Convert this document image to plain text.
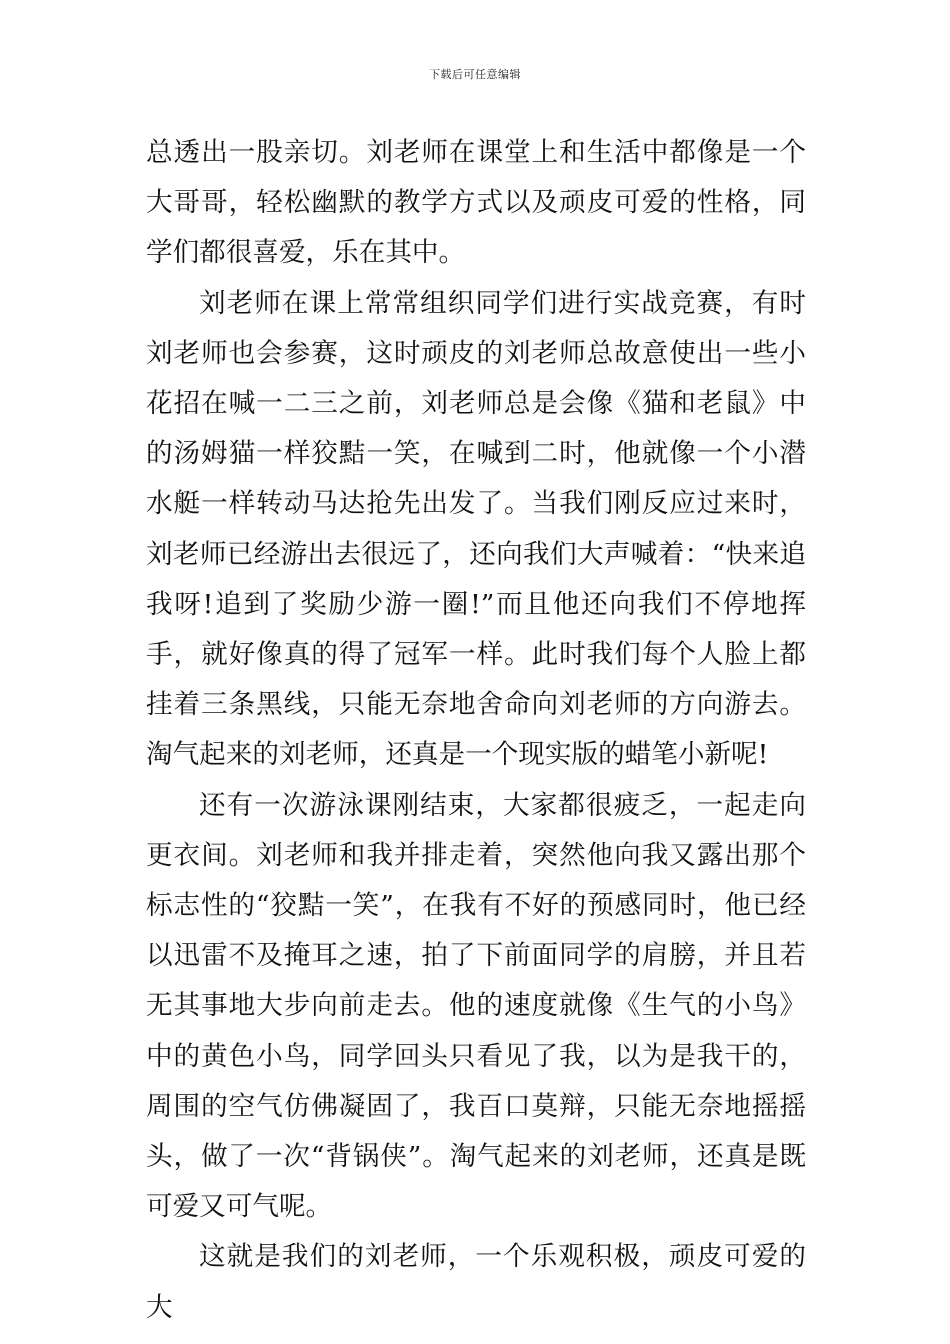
下载后可任意编辑

总透出一股亲切。刘老师在课堂上和生活中都像是一个大哥哥，轻松幽默的教学方式以及顽皮可爱的性格，同学们都很喜爱，乐在其中。

刘老师在课上常常组织同学们进行实战竞赛，有时刘老师也会参赛，这时顽皮的刘老师总故意使出一些小花招在喊一二三之前，刘老师总是会像《猫和老鼠》中的汤姆猫一样狡黠一笑，在喊到二时，他就像一个小潜水艇一样转动马达抢先出发了。当我们刚反应过来时，刘老师已经游出去很远了，还向我们大声喊着：“快来追我呀!追到了奖励少游一圈!”而且他还向我们不停地挥手，就好像真的得了冠军一样。此时我们每个人脸上都挂着三条黑线，只能无奈地舍命向刘老师的方向游去。淘气起来的刘老师，还真是一个现实版的蜡笔小新呢!

还有一次游泳课刚结束，大家都很疲乏，一起走向更衣间。刘老师和我并排走着，突然他向我又露出那个标志性的“狡黠一笑”，在我有不好的预感同时，他已经以迅雷不及掩耳之速，拍了下前面同学的肩膀，并且若无其事地大步向前走去。他的速度就像《生气的小鸟》中的黄色小鸟，同学回头只看见了我，以为是我干的，周围的空气仿佛凝固了，我百口莫辩，只能无奈地摇摇头，做了一次“背锅侠”。淘气起来的刘老师，还真是既可爱又可气呢。

这就是我们的刘老师，一个乐观积极，顽皮可爱的大
